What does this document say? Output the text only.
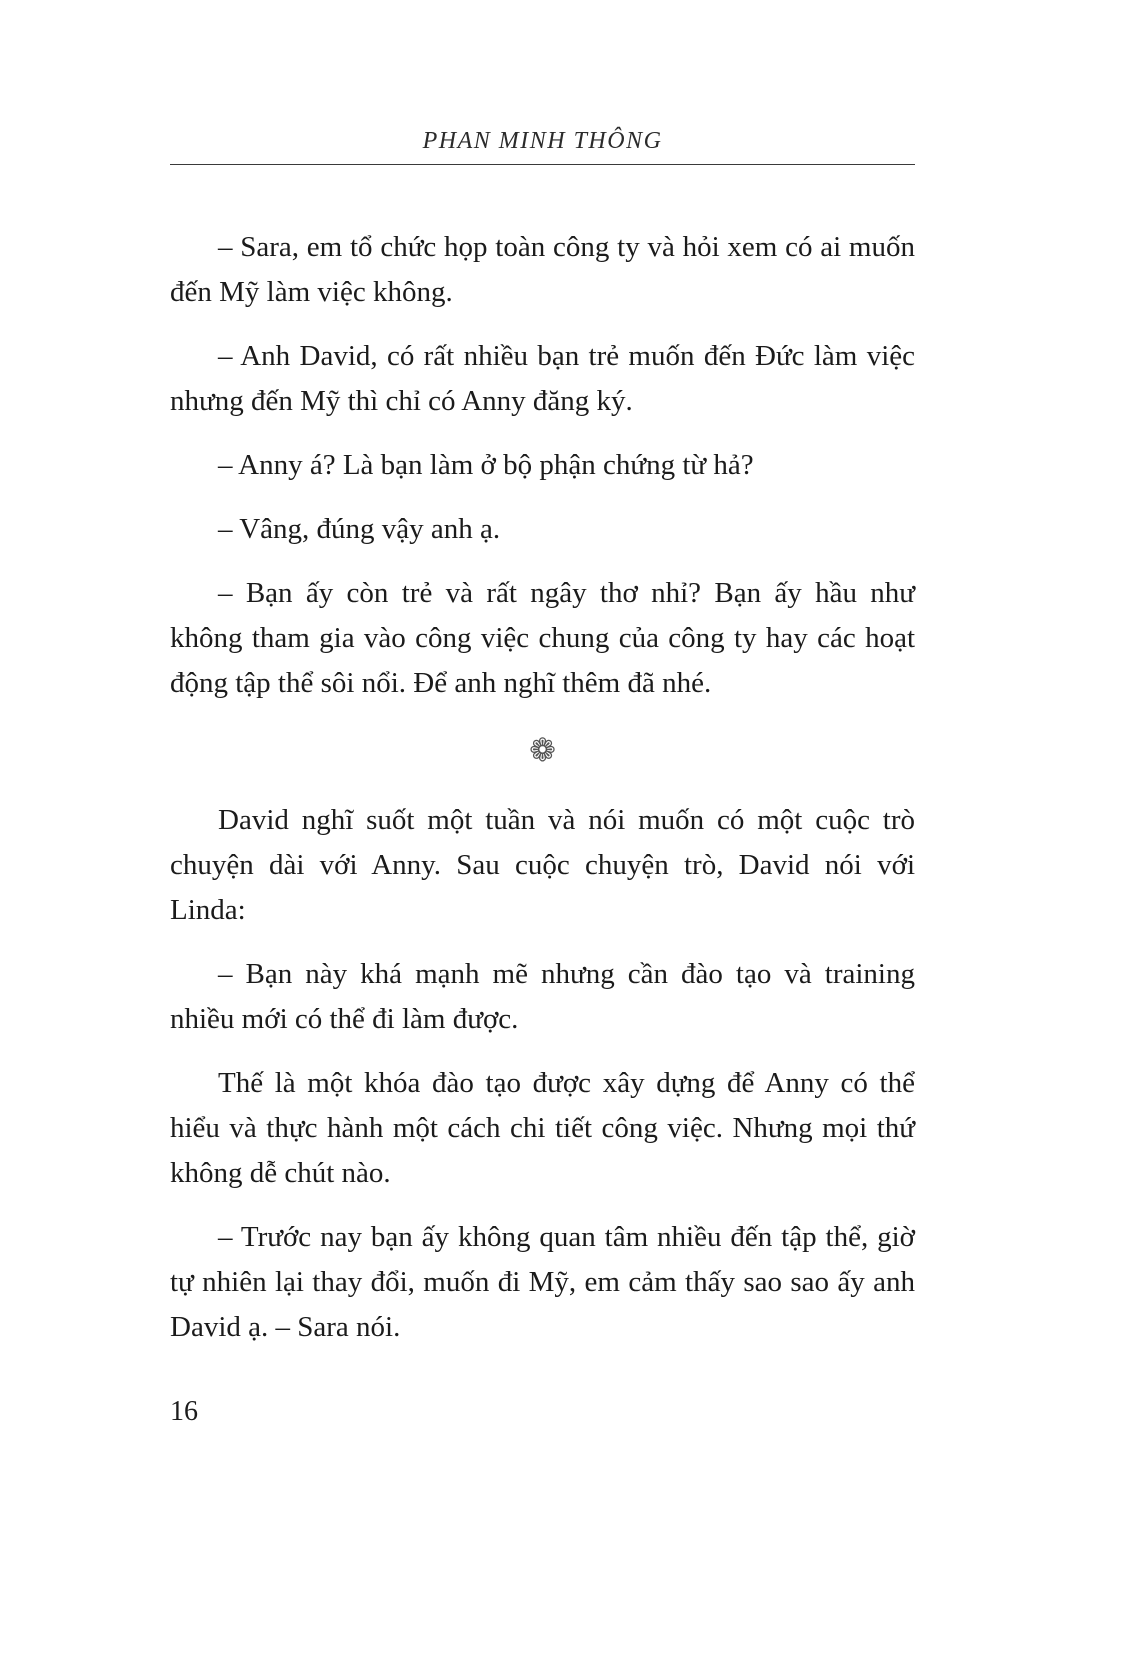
PHAN MINH THÔNG

– Sara, em tổ chức họp toàn công ty và hỏi xem có ai muốn đến Mỹ làm việc không.

– Anh David, có rất nhiều bạn trẻ muốn đến Đức làm việc nhưng đến Mỹ thì chỉ có Anny đăng ký.

– Anny á? Là bạn làm ở bộ phận chứng từ hả?

– Vâng, đúng vậy anh ạ.

– Bạn ấy còn trẻ và rất ngây thơ nhỉ? Bạn ấy hầu như không tham gia vào công việc chung của công ty hay các hoạt động tập thể sôi nổi. Để anh nghĩ thêm đã nhé.

❁

David nghĩ suốt một tuần và nói muốn có một cuộc trò chuyện dài với Anny. Sau cuộc chuyện trò, David nói với Linda:

– Bạn này khá mạnh mẽ nhưng cần đào tạo và training nhiều mới có thể đi làm được.

Thế là một khóa đào tạo được xây dựng để Anny có thể hiểu và thực hành một cách chi tiết công việc. Nhưng mọi thứ không dễ chút nào.

– Trước nay bạn ấy không quan tâm nhiều đến tập thể, giờ tự nhiên lại thay đổi, muốn đi Mỹ, em cảm thấy sao sao ấy anh David ạ. – Sara nói.

16
